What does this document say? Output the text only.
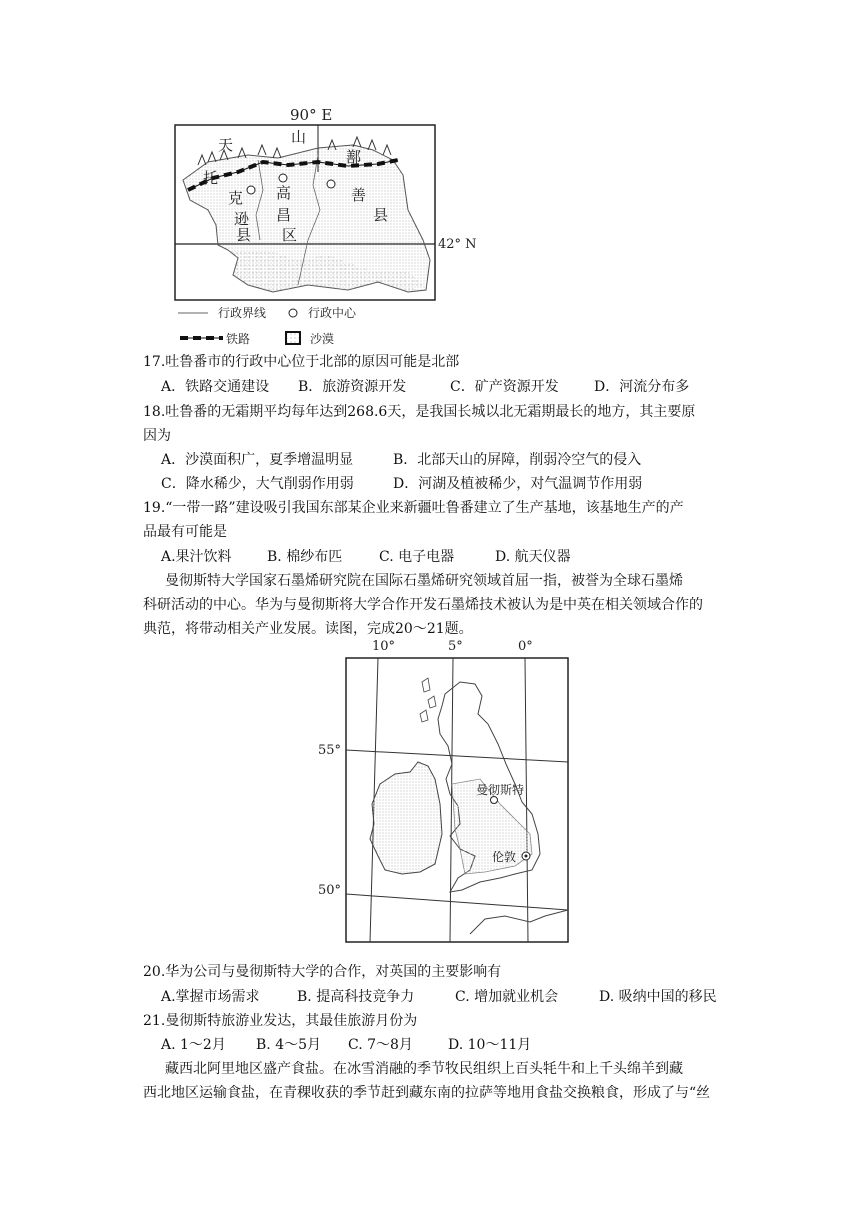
90° E
42° N
天	山
鄯
托
克
逊
县
高
昌
区
善
县
行政界线	行政中心
铁路	沙漠
17.吐鲁番市的行政中心位于北部的原因可能是北部
A．铁路交通建设 B．旅游资源开发	C．矿产资源开发	D．河流分布多
18.吐鲁番的无霜期平均每年达到268.6天，是我国长城以北无霜期最长的地方，其主要原
因为
A．沙漠面积广，夏季增温明显	B．北部天山的屏障，削弱冷空气的侵入
C．降水稀少，大气削弱作用弱	D．河湖及植被稀少，对气温调节作用弱
19.“一带一路”建设吸引我国东部某企业来新疆吐鲁番建立了生产基地，该基地生产的产
品最有可能是
A.果汁饮料	B. 棉纱布匹	C. 电子电器	D. 航天仪器
曼彻斯特大学国家石墨烯研究院在国际石墨烯研究领域首屈一指，被誉为全球石墨烯
科研活动的中心。华为与曼彻斯将大学合作开发石墨烯技术被认为是中英在相关领域合作的
典范，将带动相关产业发展。读图，完成20～21题。
10°	5°	0°
55°
50°
曼彻斯特
伦敦
20.华为公司与曼彻斯特大学的合作，对英国的主要影响有
A.掌握市场需求	B. 提高科技竞争力	C. 增加就业机会	D. 吸纳中国的移民
21.曼彻斯特旅游业发达，其最佳旅游月份为
A. 1～2月 B. 4～5月 C. 7～8月	D. 10～11月
藏西北阿里地区盛产食盐。在冰雪消融的季节牧民组织上百头牦牛和上千头绵羊到藏
西北地区运输食盐，在青稞收获的季节赶到藏东南的拉萨等地用食盐交换粮食，形成了与“丝
